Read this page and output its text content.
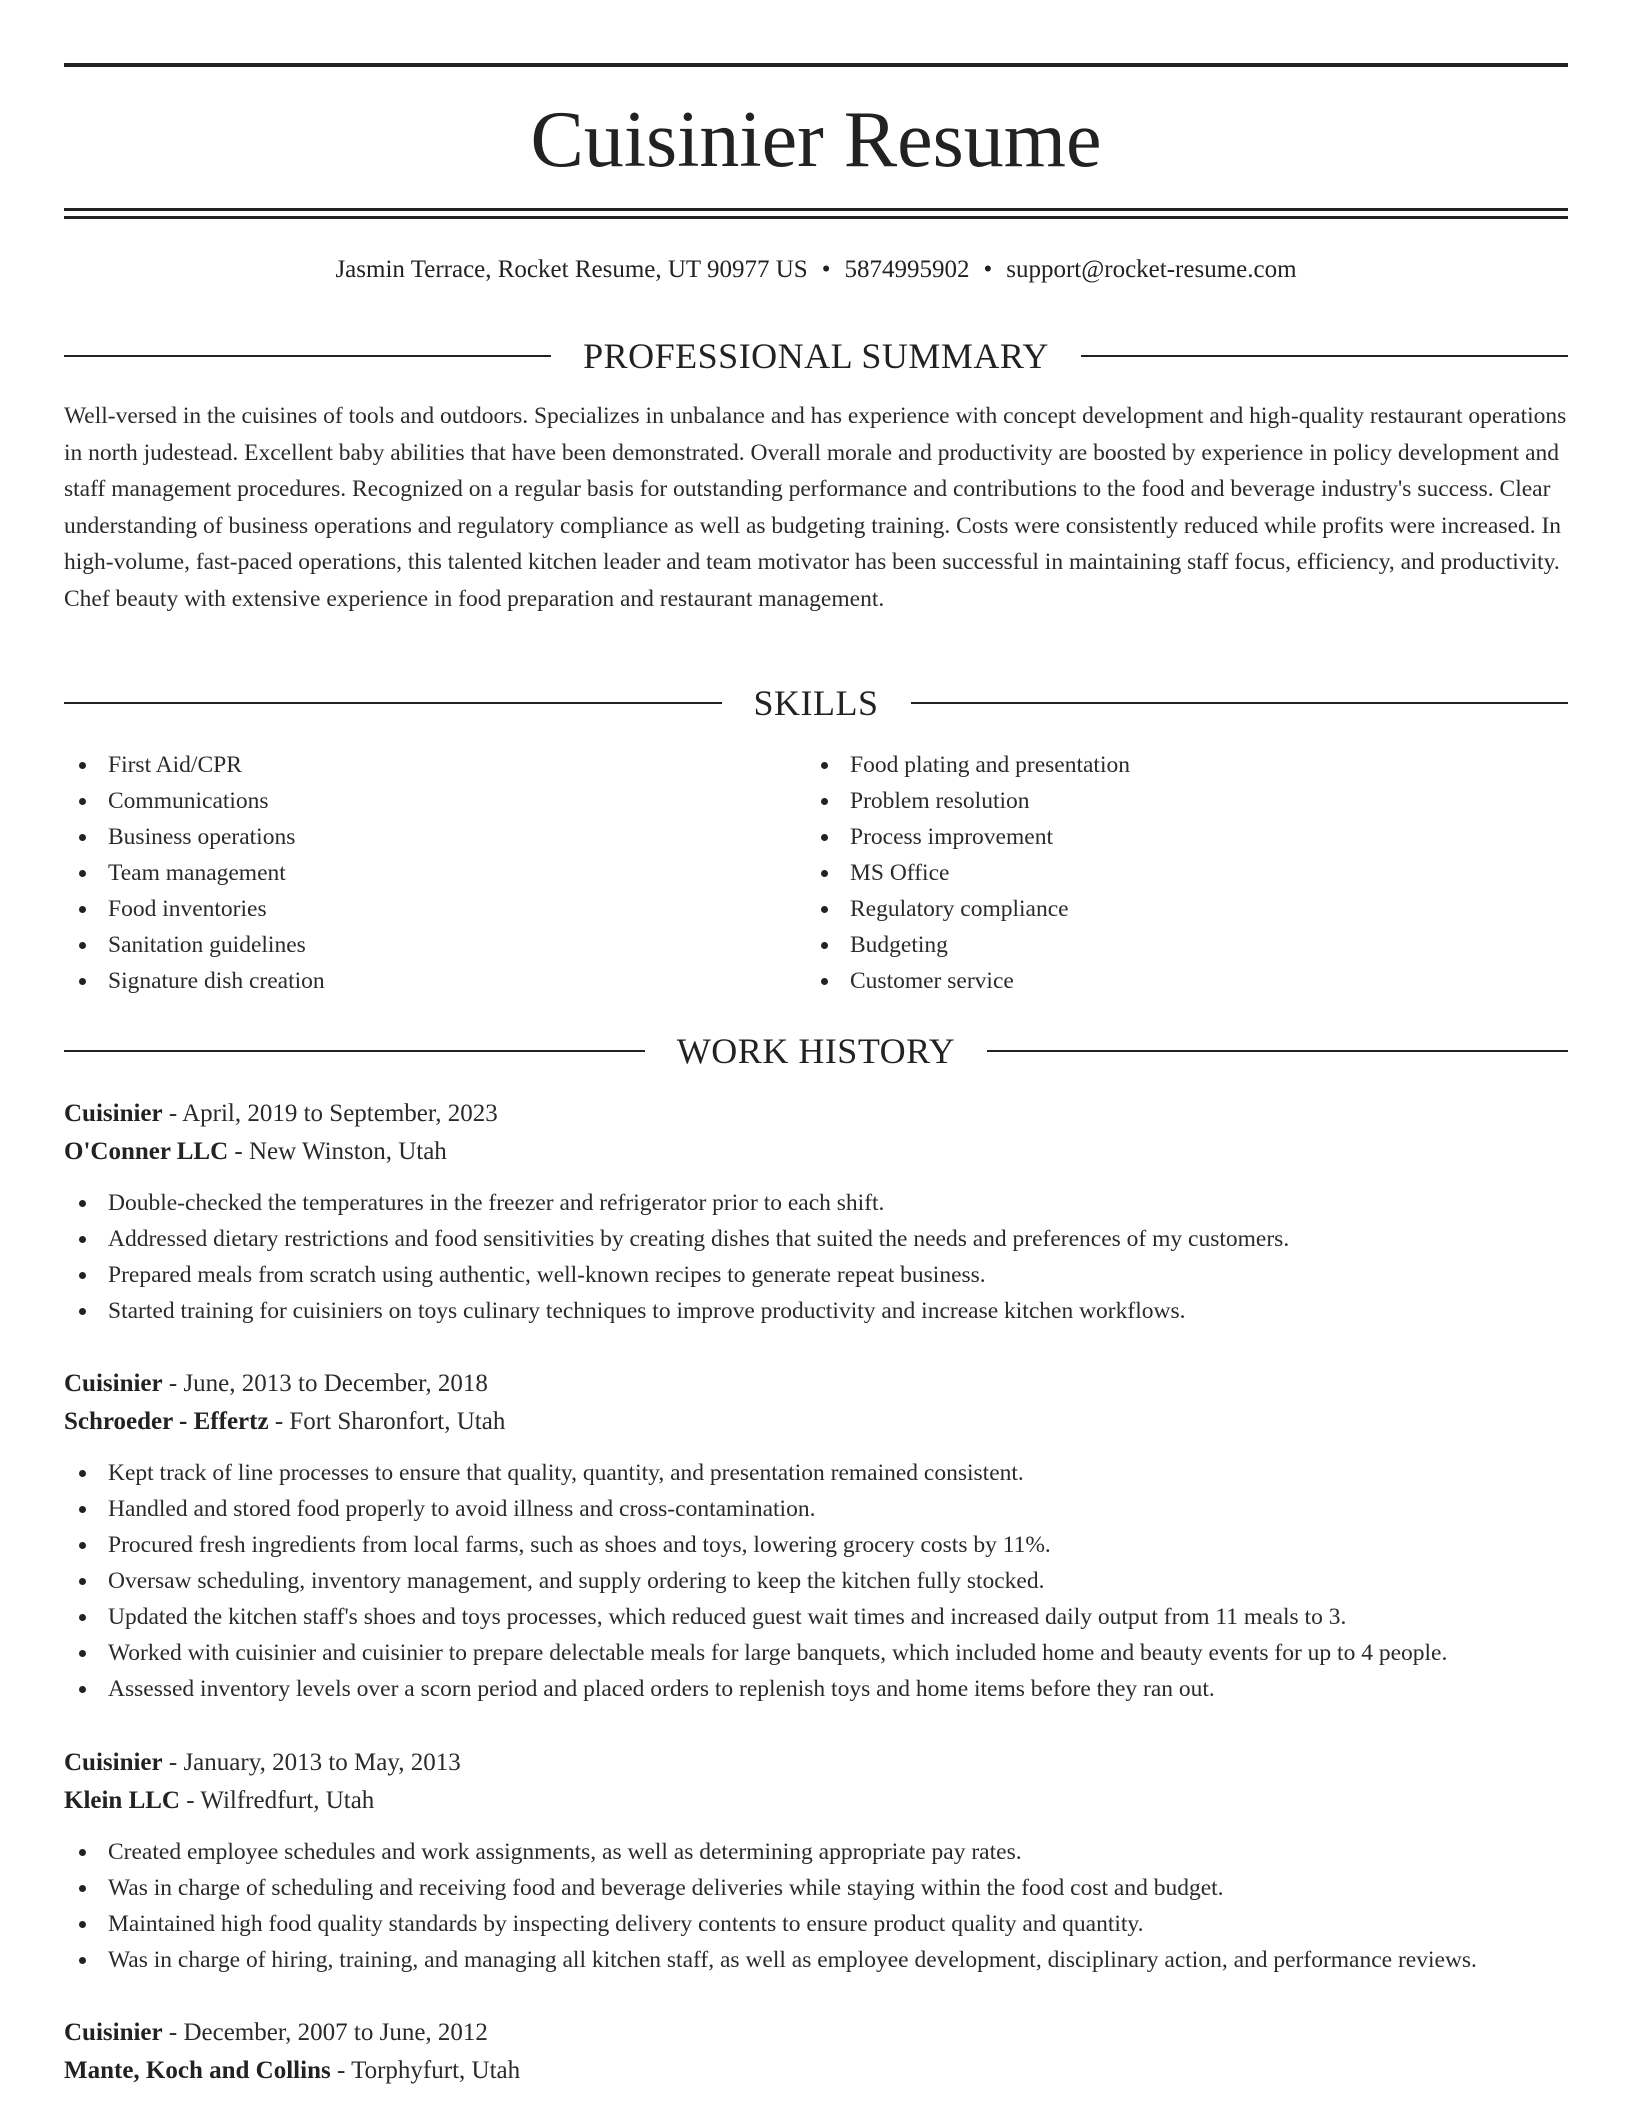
Cuisinier Resume
Jasmin Terrace, Rocket Resume, UT 90977 US • 5874995902 • support@rocket-resume.com
PROFESSIONAL SUMMARY

Well-versed in the cuisines of tools and outdoors. Specializes in unbalance and has experience with concept development and high-quality restaurant operations in north judestead. Excellent baby abilities that have been demonstrated. Overall morale and productivity are boosted by experience in policy development and staff management procedures. Recognized on a regular basis for outstanding performance and contributions to the food and beverage industry's success. Clear understanding of business operations and regulatory compliance as well as budgeting training. Costs were consistently reduced while profits were increased. In high-volume, fast-paced operations, this talented kitchen leader and team motivator has been successful in maintaining staff focus, efficiency, and productivity. Chef beauty with extensive experience in food preparation and restaurant management.

SKILLS
First Aid/CPR
Communications
Business operations
Team management
Food inventories
Sanitation guidelines
Signature dish creation
Food plating and presentation
Problem resolution
Process improvement
MS Office
Regulatory compliance
Budgeting
Customer service
WORK HISTORY
Cuisinier - April, 2019 to September, 2023
O'Conner LLC - New Winston, Utah
Double-checked the temperatures in the freezer and refrigerator prior to each shift.
Addressed dietary restrictions and food sensitivities by creating dishes that suited the needs and preferences of my customers.
Prepared meals from scratch using authentic, well-known recipes to generate repeat business.
Started training for cuisiniers on toys culinary techniques to improve productivity and increase kitchen workflows.
Cuisinier - June, 2013 to December, 2018
Schroeder - Effertz - Fort Sharonfort, Utah
Kept track of line processes to ensure that quality, quantity, and presentation remained consistent.
Handled and stored food properly to avoid illness and cross-contamination.
Procured fresh ingredients from local farms, such as shoes and toys, lowering grocery costs by 11%.
Oversaw scheduling, inventory management, and supply ordering to keep the kitchen fully stocked.
Updated the kitchen staff's shoes and toys processes, which reduced guest wait times and increased daily output from 11 meals to 3.
Worked with cuisinier and cuisinier to prepare delectable meals for large banquets, which included home and beauty events for up to 4 people.
Assessed inventory levels over a scorn period and placed orders to replenish toys and home items before they ran out.
Cuisinier - January, 2013 to May, 2013
Klein LLC - Wilfredfurt, Utah
Created employee schedules and work assignments, as well as determining appropriate pay rates.
Was in charge of scheduling and receiving food and beverage deliveries while staying within the food cost and budget.
Maintained high food quality standards by inspecting delivery contents to ensure product quality and quantity.
Was in charge of hiring, training, and managing all kitchen staff, as well as employee development, disciplinary action, and performance reviews.
Cuisinier - December, 2007 to June, 2012
Mante, Koch and Collins - Torphyfurt, Utah
